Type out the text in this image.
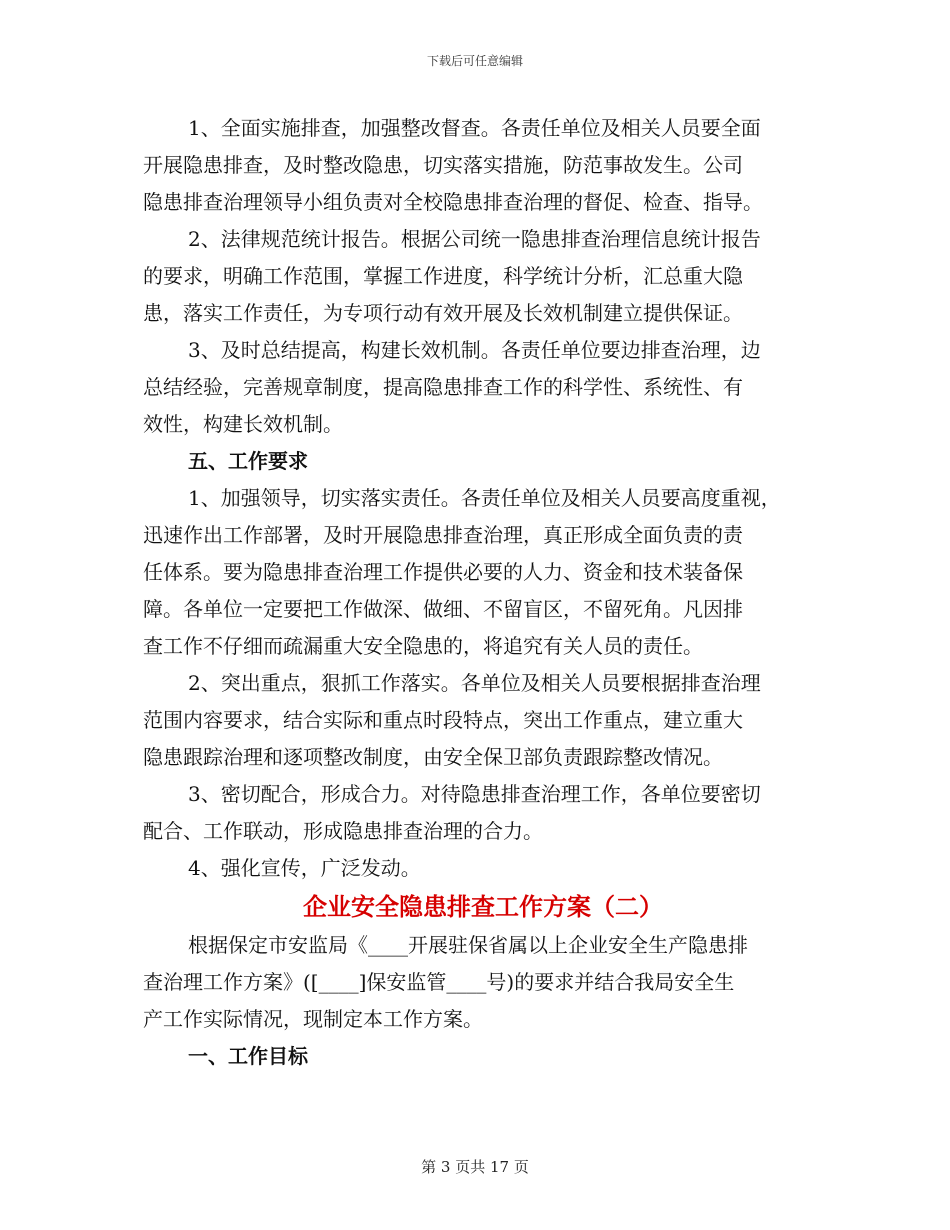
下载后可任意编辑

1、全面实施排查，加强整改督查。各责任单位及相关人员要全面
开展隐患排查，及时整改隐患，切实落实措施，防范事故发生。公司
隐患排查治理领导小组负责对全校隐患排查治理的督促、检查、指导。

2、法律规范统计报告。根据公司统一隐患排查治理信息统计报告
的要求，明确工作范围，掌握工作进度，科学统计分析，汇总重大隐
患，落实工作责任，为专项行动有效开展及长效机制建立提供保证。

3、及时总结提高，构建长效机制。各责任单位要边排查治理，边
总结经验，完善规章制度，提高隐患排查工作的科学性、系统性、有
效性，构建长效机制。

五、工作要求

1、加强领导，切实落实责任。各责任单位及相关人员要高度重视，
迅速作出工作部署，及时开展隐患排查治理，真正形成全面负责的责
任体系。要为隐患排查治理工作提供必要的人力、资金和技术装备保
障。各单位一定要把工作做深、做细、不留盲区，不留死角。凡因排
查工作不仔细而疏漏重大安全隐患的，将追究有关人员的责任。

2、突出重点，狠抓工作落实。各单位及相关人员要根据排查治理
范围内容要求，结合实际和重点时段特点，突出工作重点，建立重大
隐患跟踪治理和逐项整改制度，由安全保卫部负责跟踪整改情况。

3、密切配合，形成合力。对待隐患排查治理工作，各单位要密切
配合、工作联动，形成隐患排查治理的合力。

4、强化宣传，广泛发动。

企业安全隐患排查工作方案（二）

根据保定市安监局《____开展驻保省属以上企业安全生产隐患排
查治理工作方案》([____]保安监管____号)的要求并结合我局安全生
产工作实际情况，现制定本工作方案。

一、工作目标

第 3 页共 17 页
